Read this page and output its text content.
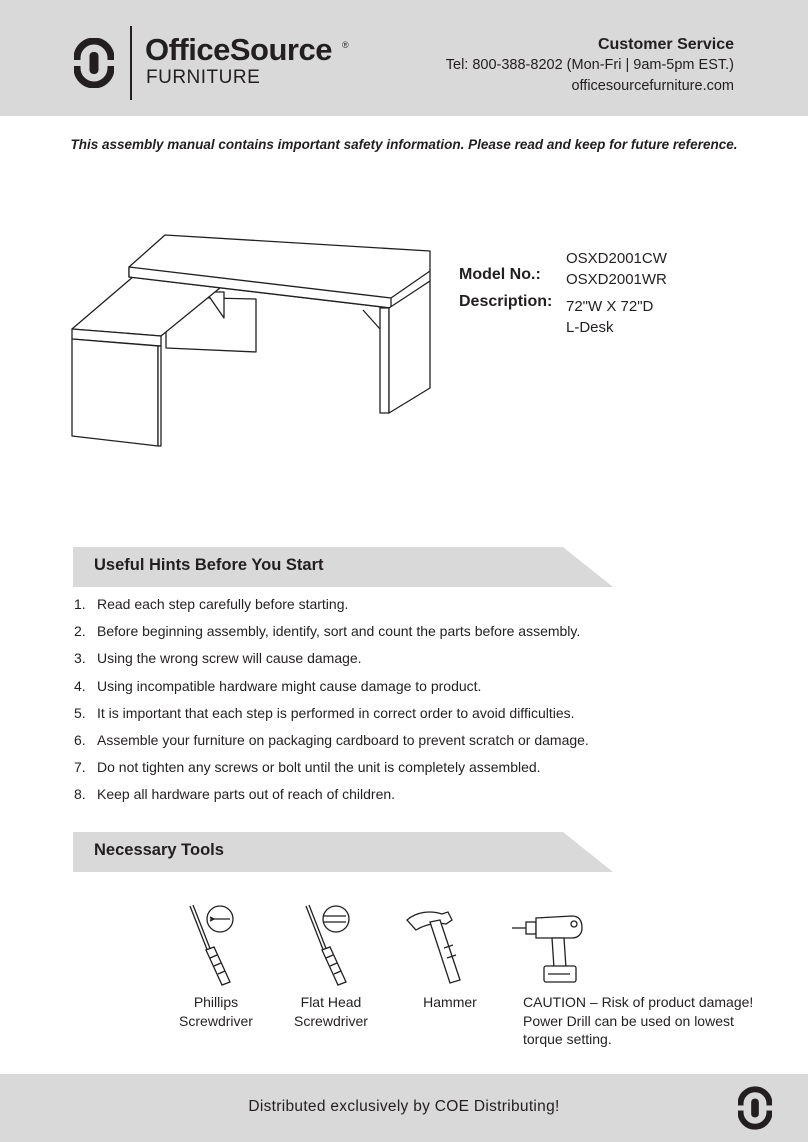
OfficeSource ®
FURNITURE
Customer Service
Tel: 800-388-8202 (Mon-Fri | 9am-5pm EST.)
officesourcefurniture.com
This assembly manual contains important safety information. Please read and keep for future reference.
Model No.:
OSXD2001CW
OSXD2001WR
Description: 72"W X 72"D
L-Desk
Useful Hints Before You Start
1. Read each step carefully before starting.
2. Before beginning assembly, identify, sort and count the parts before assembly.
3. Using the wrong screw will cause damage.
4. Using incompatible hardware might cause damage to product.
5. It is important that each step is performed in correct order to avoid difficulties.
6. Assemble your furniture on packaging cardboard to prevent scratch or damage.
7. Do not tighten any screws or bolt until the unit is completely assembled.
8. Keep all hardware parts out of reach of children.
Necessary Tools
Phillips
Screwdriver
Flat Head
Screwdriver
Hammer	CAUTION – Risk of product damage!
Power Drill can be used on lowest
torque setting.
Distributed exclusively by COE Distributing!
